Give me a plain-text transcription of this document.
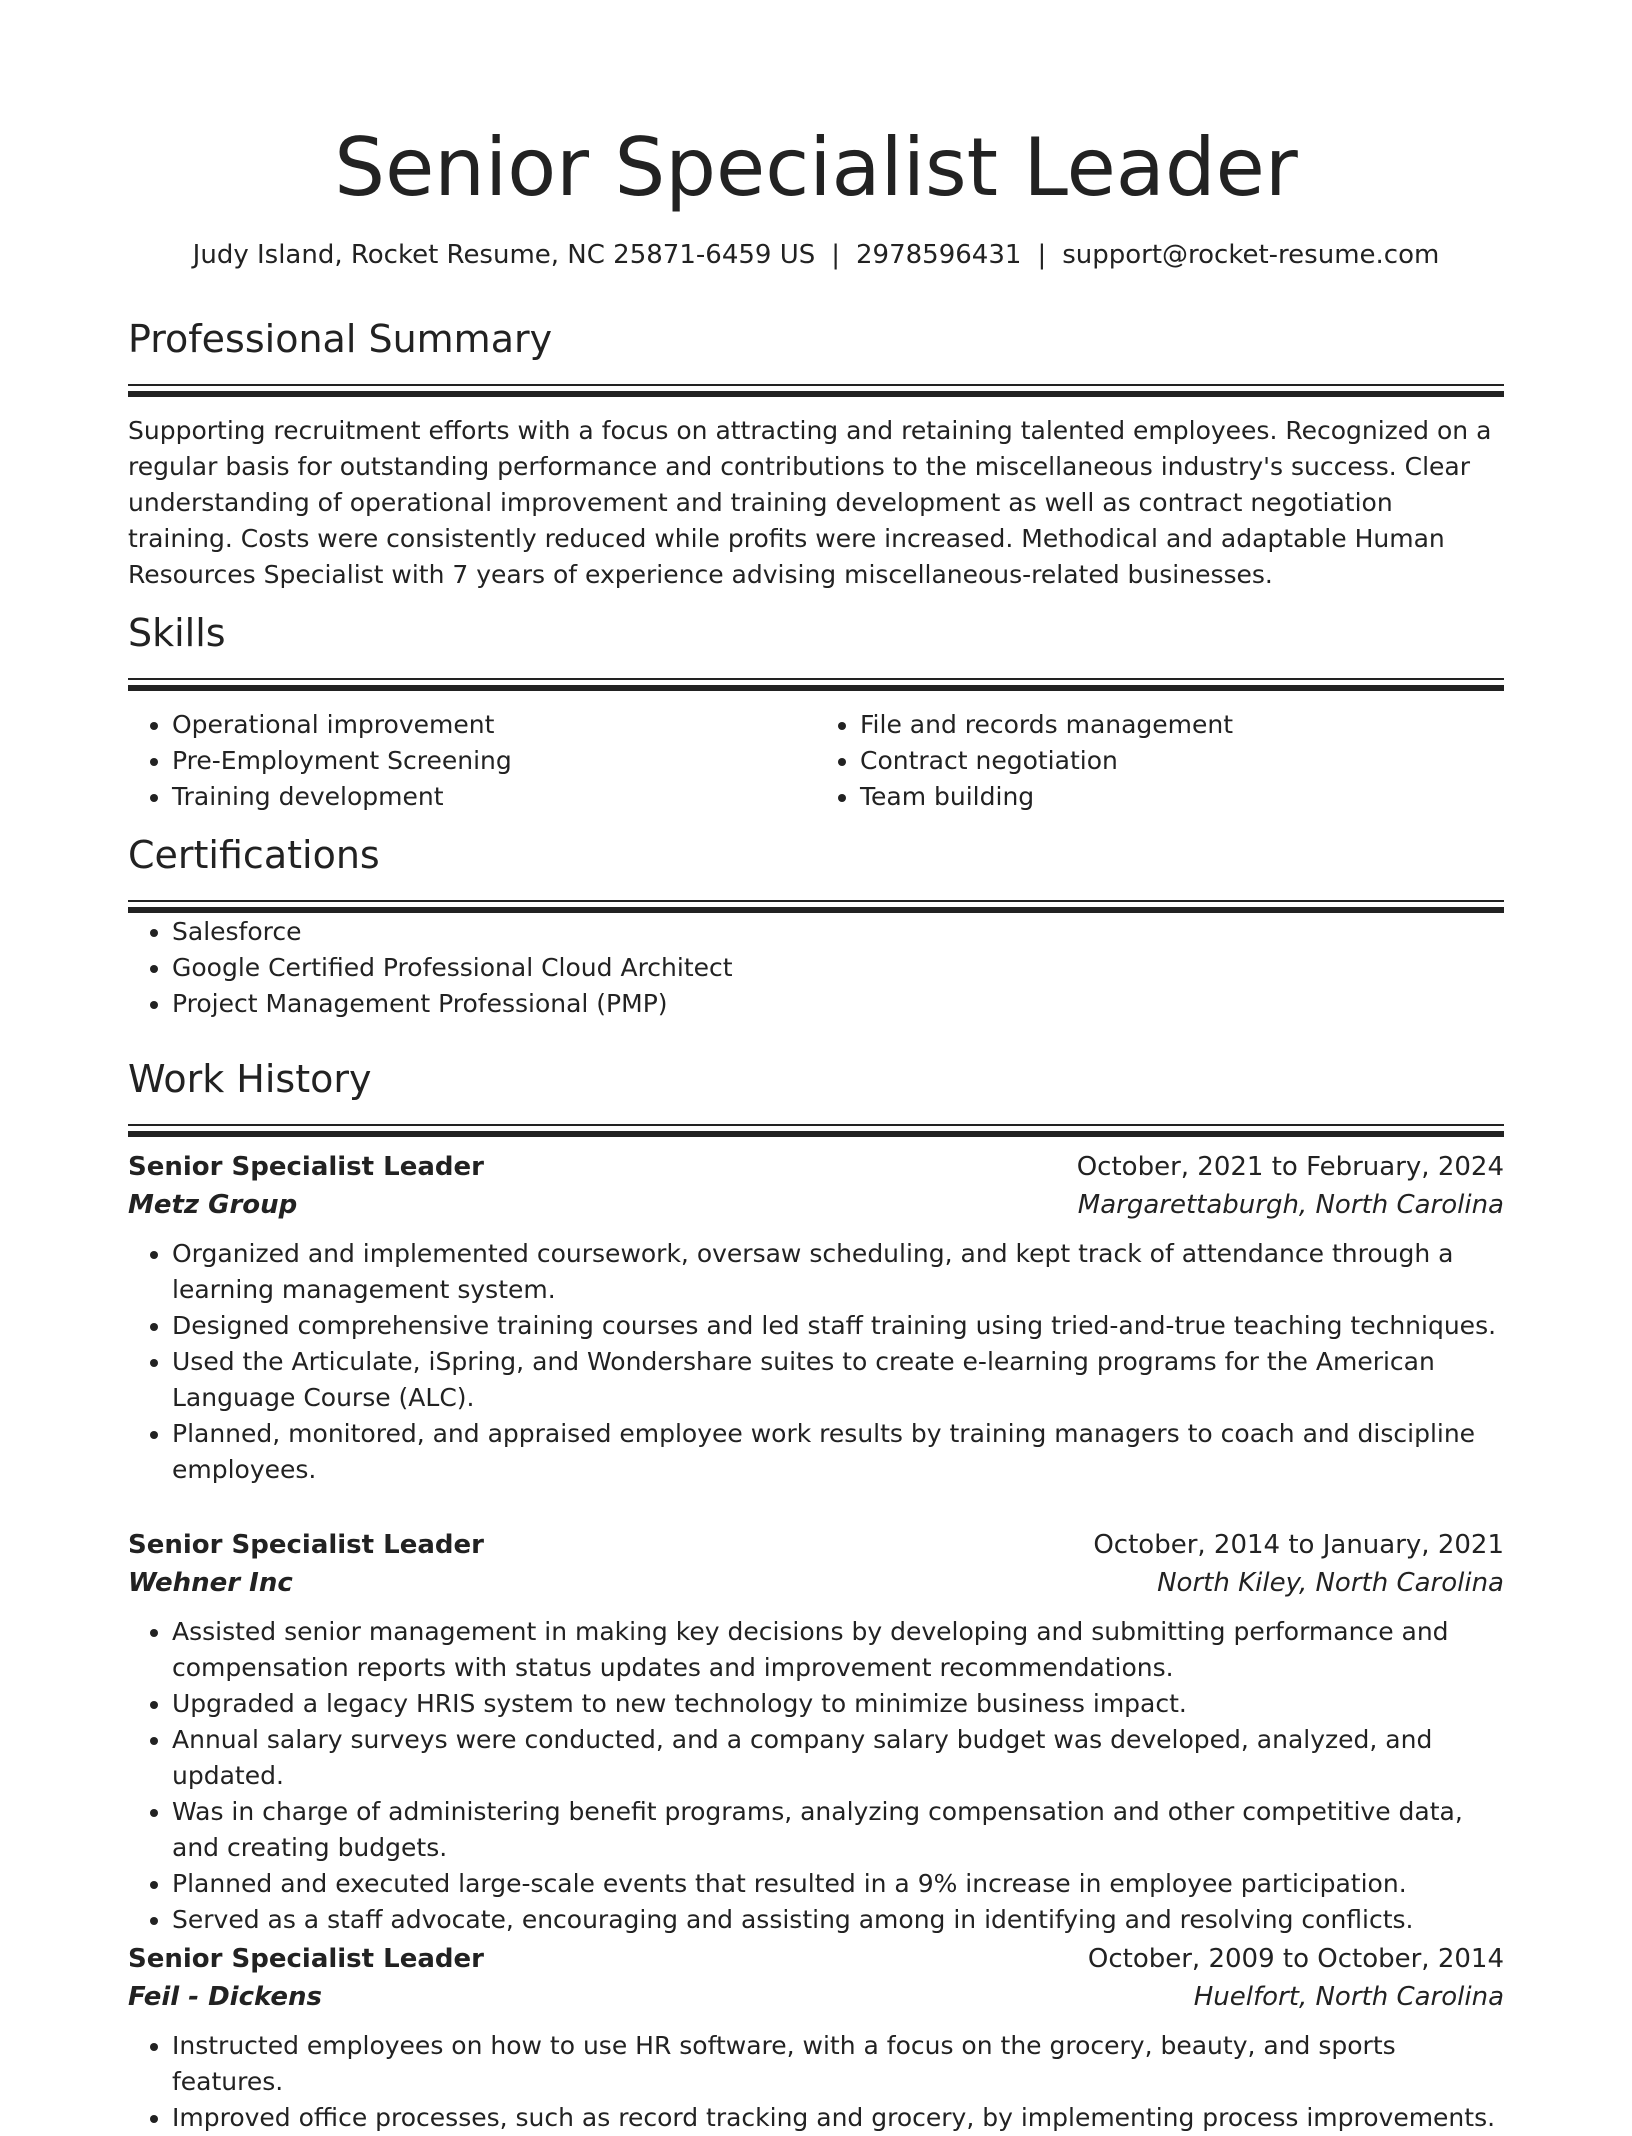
Senior Specialist Leader
Judy Island, Rocket Resume, NC 25871-6459 US | 2978596431 | support@rocket-resume.com
Professional Summary
Supporting recruitment efforts with a focus on attracting and retaining talented employees. Recognized on a regular basis for outstanding performance and contributions to the miscellaneous industry's success. Clear understanding of operational improvement and training development as well as contract negotiation training. Costs were consistently reduced while profits were increased. Methodical and adaptable Human Resources Specialist with 7 years of experience advising miscellaneous-related businesses.
Skills
• Operational improvement
• Pre-Employment Screening
• Training development
• File and records management
• Contract negotiation
• Team building
Certifications
• Salesforce
• Google Certified Professional Cloud Architect
• Project Management Professional (PMP)
Work History
Senior Specialist Leader	October, 2021 to February, 2024
Metz Group	Margarettaburgh, North Carolina
• Organized and implemented coursework, oversaw scheduling, and kept track of attendance through a learning management system.
• Designed comprehensive training courses and led staff training using tried-and-true teaching techniques.
• Used the Articulate, iSpring, and Wondershare suites to create e-learning programs for the American Language Course (ALC).
• Planned, monitored, and appraised employee work results by training managers to coach and discipline employees.
Senior Specialist Leader	October, 2014 to January, 2021
Wehner Inc	North Kiley, North Carolina
• Assisted senior management in making key decisions by developing and submitting performance and compensation reports with status updates and improvement recommendations.
• Upgraded a legacy HRIS system to new technology to minimize business impact.
• Annual salary surveys were conducted, and a company salary budget was developed, analyzed, and updated.
• Was in charge of administering benefit programs, analyzing compensation and other competitive data, and creating budgets.
• Planned and executed large-scale events that resulted in a 9% increase in employee participation.
• Served as a staff advocate, encouraging and assisting among in identifying and resolving conflicts.
Senior Specialist Leader	October, 2009 to October, 2014
Feil - Dickens	Huelfort, North Carolina
• Instructed employees on how to use HR software, with a focus on the grocery, beauty, and sports features.
• Improved office processes, such as record tracking and grocery, by implementing process improvements.
